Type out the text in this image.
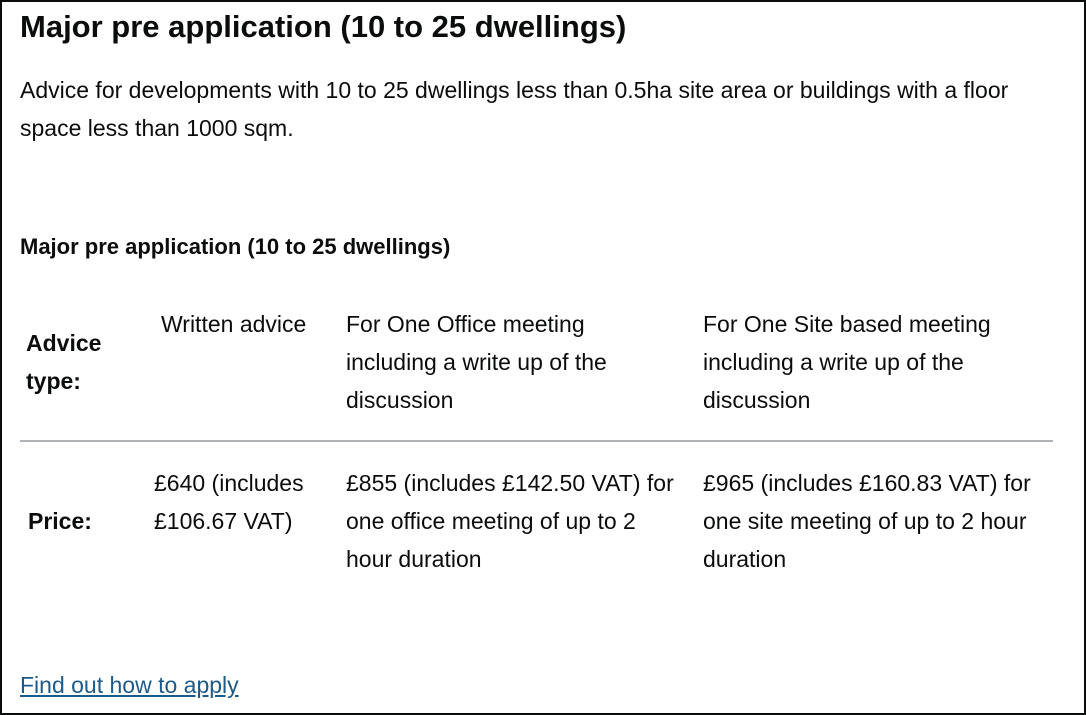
Major pre application (10 to 25 dwellings)

Advice for developments with 10 to 25 dwellings less than 0.5ha site area or buildings with a floor space less than 1000 sqm.

Major pre application (10 to 25 dwellings)
Advice type:
Written advice For One Office meeting including a write up of the discussion
For One Site based meeting including a write up of the discussion
Price:
£640 (includes £106.67 VAT)
£855 (includes £142.50 VAT) for one office meeting of up to 2 hour duration
£965 (includes £160.83 VAT) for one site meeting of up to 2 hour duration
Find out how to apply
